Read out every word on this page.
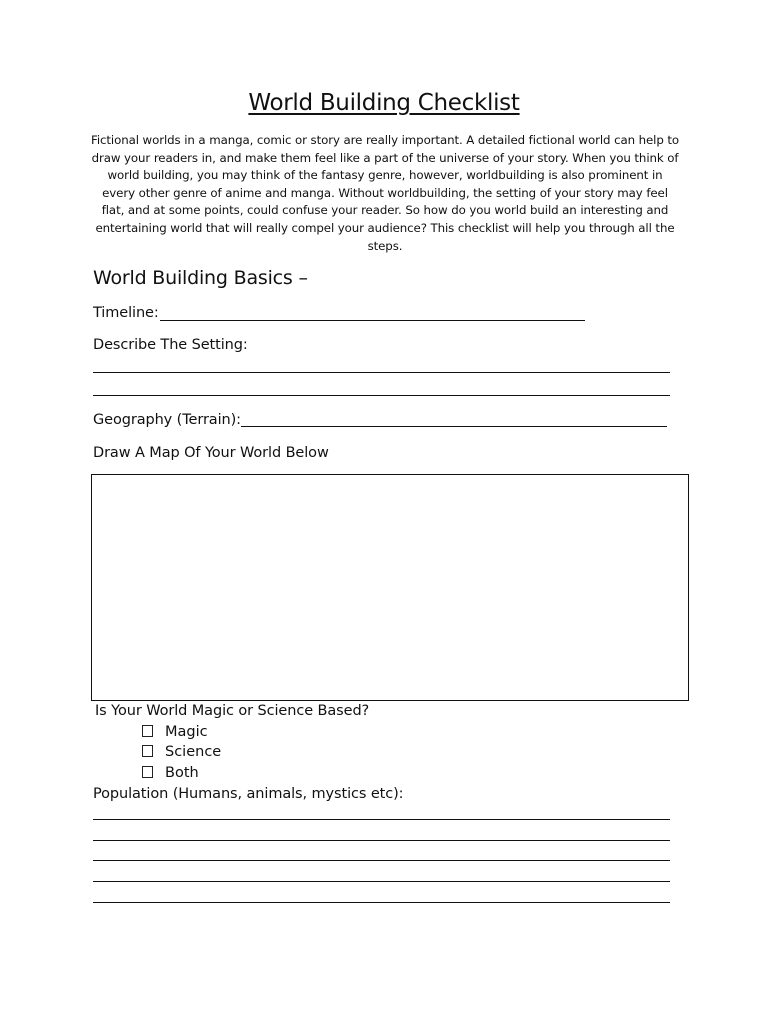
World Building Checklist
Fictional worlds in a manga, comic or story are really important. A detailed fictional world can help to draw your readers in, and make them feel like a part of the universe of your story. When you think of world building, you may think of the fantasy genre, however, worldbuilding is also prominent in every other genre of anime and manga. Without worldbuilding, the setting of your story may feel flat, and at some points, could confuse your reader. So how do you world build an interesting and entertaining world that will really compel your audience? This checklist will help you through all the steps.
World Building Basics –
Timeline:
Describe The Setting:
Geography (Terrain):
Draw A Map Of Your World Below
Is Your World Magic or Science Based?
Magic
Science
Both
Population (Humans, animals, mystics etc):
